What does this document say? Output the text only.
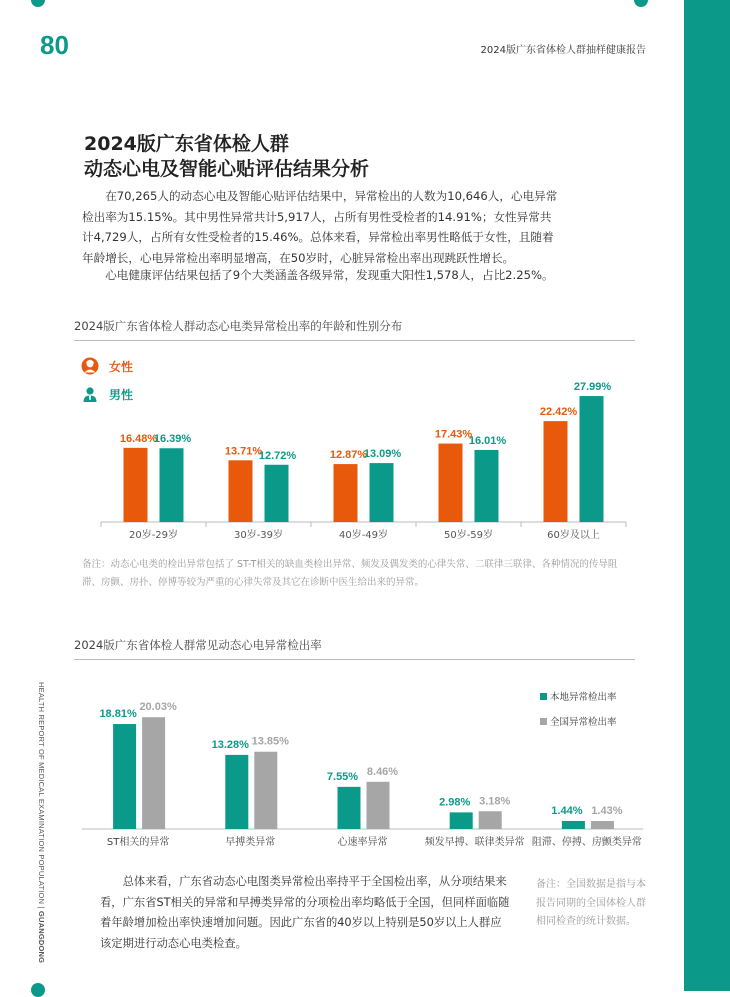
80	2024版广东省体检人群抽样健康报告
HEALTH REPORT OF MEDICAL EXAMINATION POPULATION | GUANGDONG
2024版广东省体检人群
动态心电及智能心贴评估结果分析

在70,265人的动态心电及智能心贴评估结果中，异常检出的人数为10,646人，心电异常检出率为15.15%。其中男性异常共计5,917人，占所有男性受检者的14.91%；女性异常共计4,729人，占所有女性受检者的15.46%。总体来看，异常检出率男性略低于女性，且随着年龄增长，心电异常检出率明显增高，在50岁时，心脏异常检出率出现跳跃性增长。

心电健康评估结果包括了9个大类涵盖各级异常，发现重大阳性1,578人，占比2.25%。

2024版广东省体检人群动态心电类异常检出率的年龄和性别分布

女性
男性
20岁-29岁
16.48%
16.39%
30岁-39岁
13.71%
12.72%
40岁-49岁
12.87%
13.09%
50岁-59岁
17.43%
16.01%
60岁及以上
22.42%
27.99%

备注：动态心电类的检出异常包括了 ST-T相关的缺血类检出异常、频发及偶发类的心律失常、二联律三联律、各种情况的传导阻滞、房颤、房扑、停博等较为严重的心律失常及其它在诊断中医生给出来的异常。

2024版广东省体检人群常见动态心电异常检出率

本地异常检出率
全国异常检出率
ST相关的异常
18.81%
20.03%
早搏类异常
13.28% 13.85%
心速率异常
7.55% 8.46%
频发早搏、联律类异常
2.98% 3.18%
阻滞、停搏、房颤类异常
1.44% 1.43%

总体来看，广东省动态心电图类异常检出率持平于全国检出率，从分项结果来看，广东省ST相关的异常和早搏类异常的分项检出率均略低于全国，但同样面临随着年龄增加检出率快速增加问题。因此广东省的40岁以上特别是50岁以上人群应该定期进行动态心电类检查。

备注：全国数据是指与本报告同期的全国体检人群相同检查的统计数据。
